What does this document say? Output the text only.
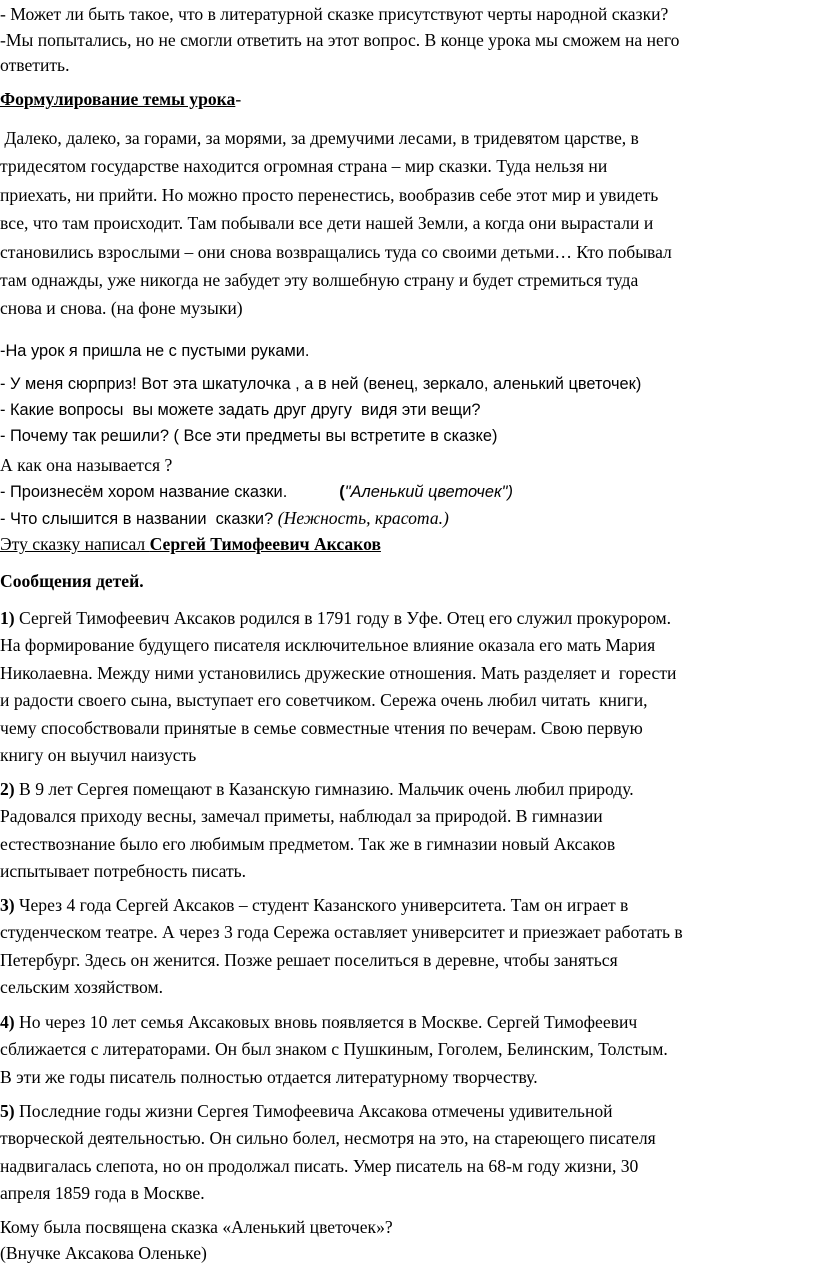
- Может ли быть такое, что в литературной сказке присутствуют черты народной сказки?
-Мы попытались, но не смогли ответить на этот вопрос. В конце урока мы сможем на него
ответить.
Формулирование темы урока-
Далеко, далеко, за горами, за морями, за дремучими лесами, в тридевятом царстве, в
тридесятом государстве находится огромная страна – мир сказки. Туда нельзя ни
приехать, ни прийти. Но можно просто перенестись, вообразив себе этот мир и увидеть
все, что там происходит. Там побывали все дети нашей Земли, а когда они вырастали и
становились взрослыми – они снова возвращались туда со своими детьми… Кто побывал
там однажды, уже никогда не забудет эту волшебную страну и будет стремиться туда
снова и снова. (на фоне музыки)
-На урок я пришла не с пустыми руками.
- У меня сюрприз! Вот эта шкатулочка , а в ней (венец, зеркало, аленький цветочек)
- Какие вопросы  вы можете задать друг другу  видя эти вещи?
- Почему так решили? ( Все эти предметы вы встретите в сказке)
А как она называется ?
- Произнесём хором название сказки.	("Аленький цветочек")
- Что слышится в названии  сказки? (Нежность, красота.)
Эту сказку написал Сергей Тимофеевич Аксаков
Сообщения детей.
1) Сергей Тимофеевич Аксаков родился в 1791 году в Уфе. Отец его служил прокурором.
На формирование будущего писателя исключительное влияние оказала его мать Мария
Николаевна. Между ними установились дружеские отношения. Мать разделяет и  горести
и радости своего сына, выступает его советчиком. Сережа очень любил читать  книги,
чему способствовали принятые в семье совместные чтения по вечерам. Свою первую
книгу он выучил наизусть
2) В 9 лет Сергея помещают в Казанскую гимназию. Мальчик очень любил природу.
Радовался приходу весны, замечал приметы, наблюдал за природой. В гимназии
естествознание было его любимым предметом. Так же в гимназии новый Аксаков
испытывает потребность писать.
3) Через 4 года Сергей Аксаков – студент Казанского университета. Там он играет в
студенческом театре. А через 3 года Сережа оставляет университет и приезжает работать в
Петербург. Здесь он женится. Позже решает поселиться в деревне, чтобы заняться
сельским хозяйством.
4) Но через 10 лет семья Аксаковых вновь появляется в Москве. Сергей Тимофеевич
сближается с литераторами. Он был знаком с Пушкиным, Гоголем, Белинским, Толстым.
В эти же годы писатель полностью отдается литературному творчеству.
5) Последние годы жизни Сергея Тимофеевича Аксакова отмечены удивительной
творческой деятельностью. Он сильно болел, несмотря на это, на стареющего писателя
надвигалась слепота, но он продолжал писать. Умер писатель на 68-м году жизни, 30
апреля 1859 года в Москве.
Кому была посвящена сказка «Аленький цветочек»?
(Внучке Аксакова Оленьке)
